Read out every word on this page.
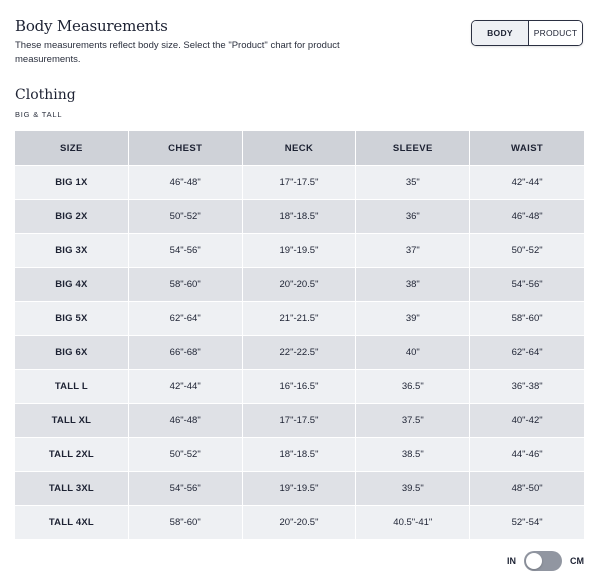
Body Measurements
These measurements reflect body size. Select the "Product" chart for product measurements.
BODY	PRODUCT
Clothing
BIG & TALL
SIZE	CHEST	NECK	SLEEVE	WAIST
BIG 1X	46"-48"	17"-17.5"	35"	42"-44"
BIG 2X	50"-52"	18"-18.5"	36"	46"-48"
BIG 3X	54"-56"	19"-19.5"	37"	50"-52"
BIG 4X	58"-60"	20"-20.5"	38"	54"-56"
BIG 5X	62"-64"	21"-21.5"	39"	58"-60"
BIG 6X	66"-68"	22"-22.5"	40"	62"-64"
TALL L	42"-44"	16"-16.5"	36.5"	36"-38"
TALL XL	46"-48"	17"-17.5"	37.5"	40"-42"
TALL 2XL	50"-52"	18"-18.5"	38.5"	44"-46"
TALL 3XL	54"-56"	19"-19.5"	39.5"	48"-50"
TALL 4XL	58"-60"	20"-20.5"	40.5"-41"	52"-54"
IN	CM
